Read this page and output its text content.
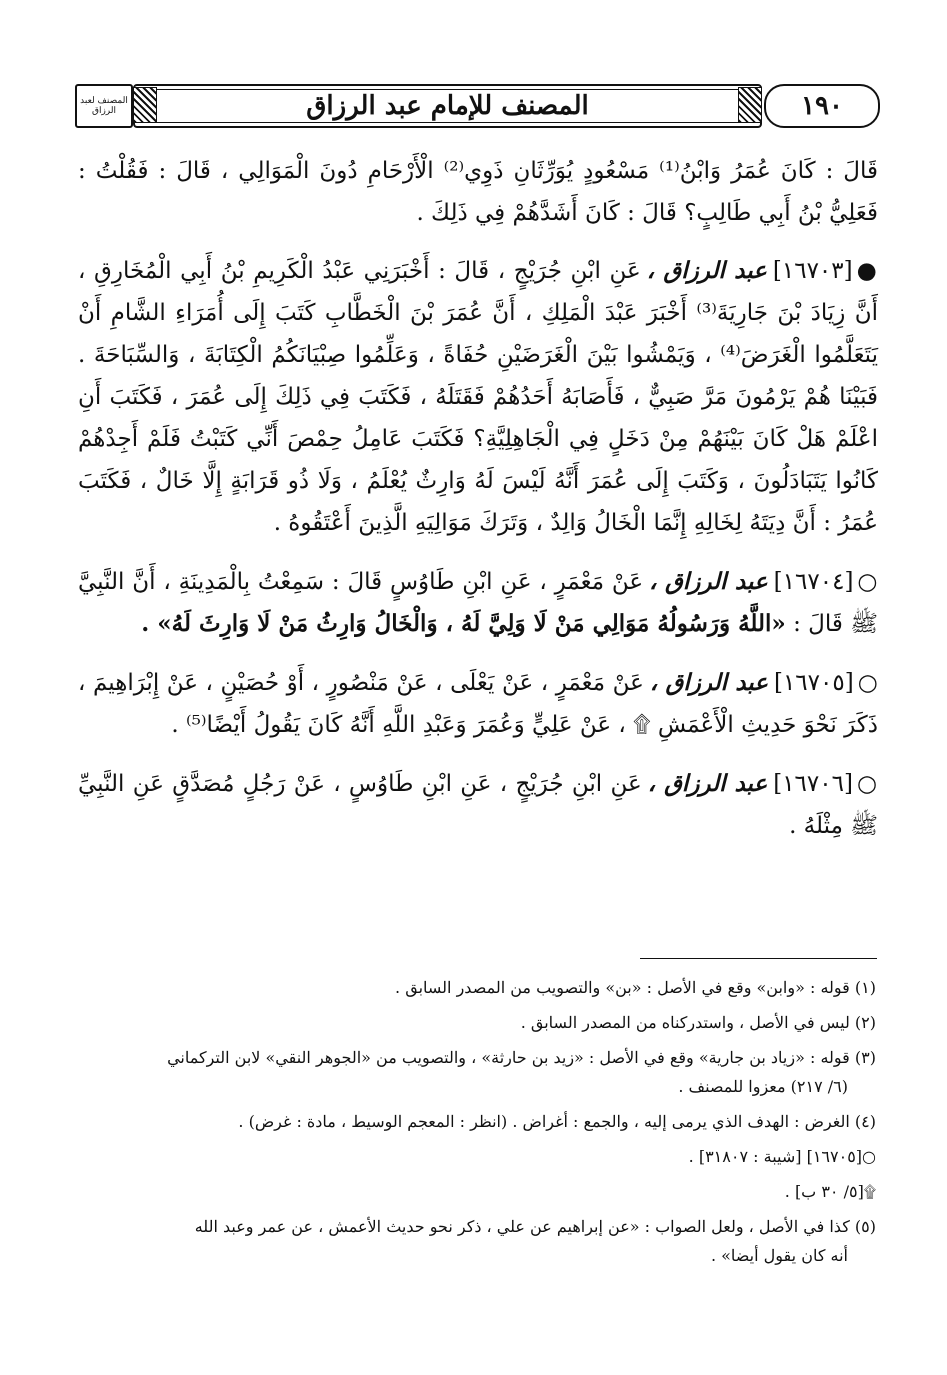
المصنف لعبد الرزاق	المصنف للإمام عبد الرزاق	١٩٠

قَالَ : كَانَ عُمَرُ وَابْنُ⁽¹⁾ مَسْعُودٍ يُوَرِّثَانِ ذَوِي⁽²⁾ الْأَرْحَامِ دُونَ الْمَوَالِي ، قَالَ : فَقُلْتُ : فَعَلِيُّ بْنُ أَبِي طَالِبٍ؟ قَالَ : كَانَ أَشَدَّهُمْ فِي ذَلِكَ .

●[١٦٧٠٣]عبد الرزاق ،عَنِ ابْنِ جُرَيْجٍ ، قَالَ : أَخْبَرَنِي عَبْدُ الْكَرِيمِ بْنُ أَبِي الْمُخَارِقِ ، أَنَّ زِيَادَ بْنَ جَارِيَةَ⁽³⁾ أَخْبَرَ عَبْدَ الْمَلِكِ ، أَنَّ عُمَرَ بْنَ الْخَطَّابِ كَتَبَ إِلَى أُمَرَاءِ الشَّامِ أَنْ يَتَعَلَّمُوا الْغَرَضَ⁽⁴⁾ ، وَيَمْشُوا بَيْنَ الْغَرَضَيْنِ حُفَاةً ، وَعَلِّمُوا صِبْيَانَكُمُ الْكِتَابَةَ ، وَالسِّبَاحَةَ . فَبَيْنَا هُمْ يَرْمُونَ مَرَّ صَبِيٌّ ، فَأَصَابَهُ أَحَدُهُمْ فَقَتَلَهُ ، فَكَتَبَ فِي ذَلِكَ إِلَى عُمَرَ ، فَكَتَبَ أَنِ اعْلَمْ هَلْ كَانَ بَيْنَهُمْ مِنْ دَخَلٍ فِي الْجَاهِلِيَّةِ؟ فَكَتَبَ عَامِلُ حِمْصَ أَنِّي كَتَبْتُ فَلَمْ أَجِدْهُمْ كَانُوا يَتَبَادَلُونَ ، وَكَتَبَ إِلَى عُمَرَ أَنَّهُ لَيْسَ لَهُ وَارِثٌ يُعْلَمُ ، وَلَا ذُو قَرَابَةٍ إِلَّا خَالٌ ، فَكَتَبَ عُمَرُ : أَنَّ دِيَتَهُ لِخَالِهِ إِنَّمَا الْخَالُ وَالِدٌ ، وَتَرَكَ مَوَالِيَهِ الَّذِينَ أَعْتَقُوهُ .

○[١٦٧٠٤]عبد الرزاق ،عَنْ مَعْمَرٍ ، عَنِ ابْنِ طَاوُسٍ قَالَ : سَمِعْتُ بِالْمَدِينَةِ ، أَنَّ النَّبِيَّ ﷺ قَالَ : «اللَّهُ وَرَسُولُهُ مَوَالِي مَنْ لَا وَلِيَّ لَهُ ، وَالْخَالُ وَارِثُ مَنْ لَا وَارِثَ لَهُ» .

○[١٦٧٠٥]عبد الرزاق ،عَنْ مَعْمَرٍ ، عَنْ يَعْلَى ، عَنْ مَنْصُورٍ ، أَوْ حُصَيْنٍ ، عَنْ إِبْرَاهِيمَ ، ذَكَرَ نَحْوَ حَدِيثِ الْأَعْمَشِ ۩ ، عَنْ عَلِيٍّ وَعُمَرَ وَعَبْدِ اللَّهِ أَنَّهُ كَانَ يَقُولُ أَيْضًا⁽⁵⁾ .

○[١٦٧٠٦]عبد الرزاق ،عَنِ ابْنِ جُرَيْجٍ ، عَنِ ابْنِ طَاوُسٍ ، عَنْ رَجُلٍ مُصَدَّقٍ عَنِ النَّبِيِّ ﷺ مِثْلَهُ .

(١) قوله : «وابن» وقع في الأصل : «بن» والتصويب من المصدر السابق .
(٢) ليس في الأصل ، واستدركناه من المصدر السابق .
(٣) قوله : «زياد بن جارية» وقع في الأصل : «زيد بن حارثة» ، والتصويب من «الجوهر النقي» لابن التركماني
(٦/ ٢١٧) معزوا للمصنف .
(٤) الغرض : الهدف الذي يرمى إليه ، والجمع : أغراض . (انظر : المعجم الوسيط ، مادة : غرض) .
○[١٦٧٠٥] [شيبة : ٣١٨٠٧] .
۩[٥/ ٣٠ ب] .
(٥) كذا في الأصل ، ولعل الصواب : «عن إبراهيم عن علي ، ذكر نحو حديث الأعمش ، عن عمر وعبد الله
أنه كان يقول أيضا» .
